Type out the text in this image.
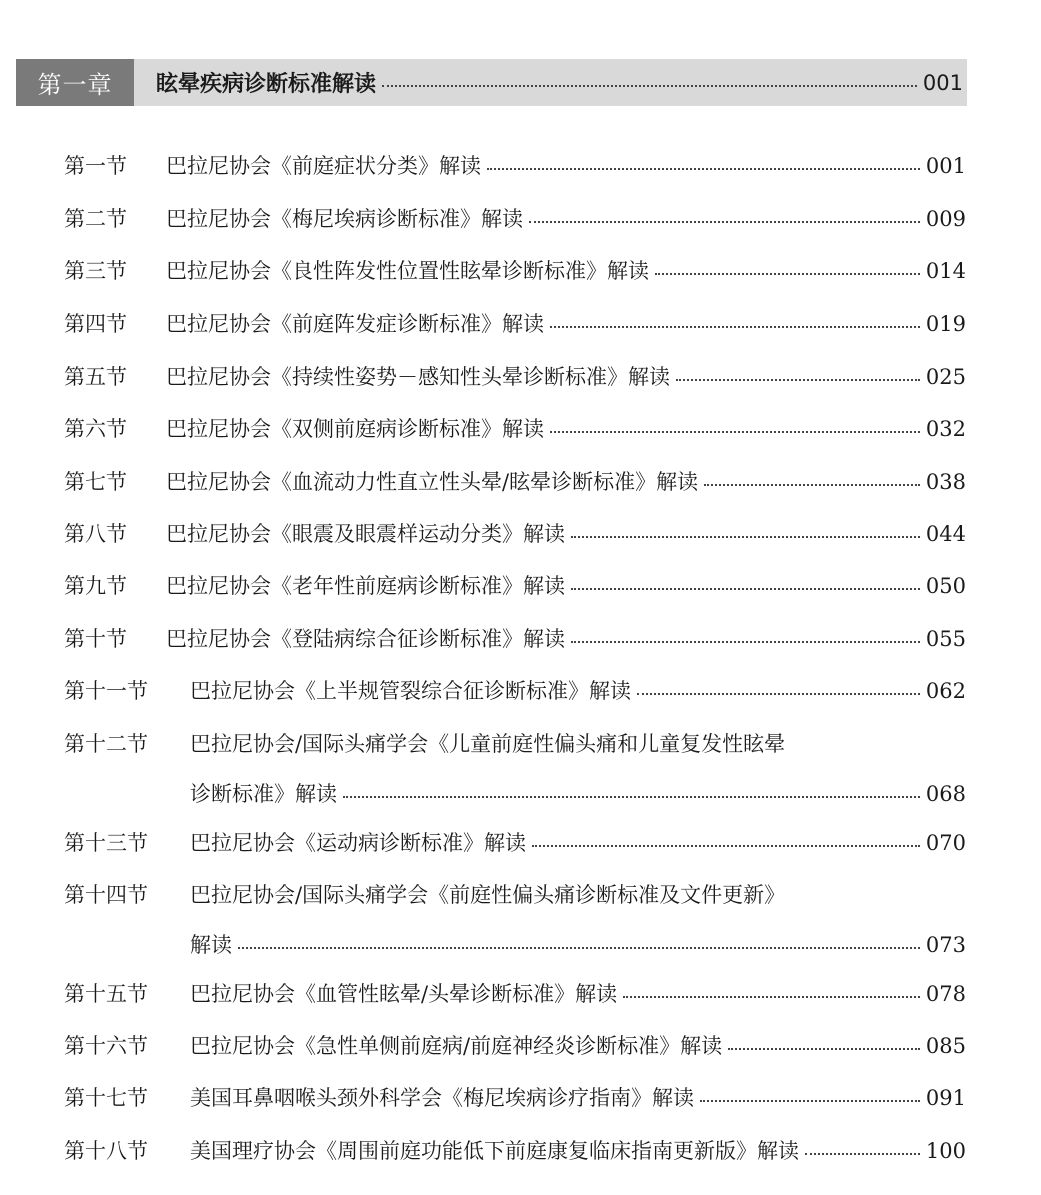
第一章	眩晕疾病诊断标准解读	001
第一节	巴拉尼协会《前庭症状分类》解读	001
第二节	巴拉尼协会《梅尼埃病诊断标准》解读	009
第三节	巴拉尼协会《良性阵发性位置性眩晕诊断标准》解读	014
第四节	巴拉尼协会《前庭阵发症诊断标准》解读	019
第五节	巴拉尼协会《持续性姿势－感知性头晕诊断标准》解读	025
第六节	巴拉尼协会《双侧前庭病诊断标准》解读	032
第七节	巴拉尼协会《血流动力性直立性头晕/眩晕诊断标准》解读	038
第八节	巴拉尼协会《眼震及眼震样运动分类》解读	044
第九节	巴拉尼协会《老年性前庭病诊断标准》解读	050
第十节	巴拉尼协会《登陆病综合征诊断标准》解读	055
第十一节	巴拉尼协会《上半规管裂综合征诊断标准》解读	062
第十二节	巴拉尼协会/国际头痛学会《儿童前庭性偏头痛和儿童复发性眩晕
诊断标准》解读	068
第十三节	巴拉尼协会《运动病诊断标准》解读	070
第十四节	巴拉尼协会/国际头痛学会《前庭性偏头痛诊断标准及文件更新》
解读	073
第十五节	巴拉尼协会《血管性眩晕/头晕诊断标准》解读	078
第十六节	巴拉尼协会《急性单侧前庭病/前庭神经炎诊断标准》解读	085
第十七节	美国耳鼻咽喉头颈外科学会《梅尼埃病诊疗指南》解读	091
第十八节	美国理疗协会《周围前庭功能低下前庭康复临床指南更新版》解读	100
